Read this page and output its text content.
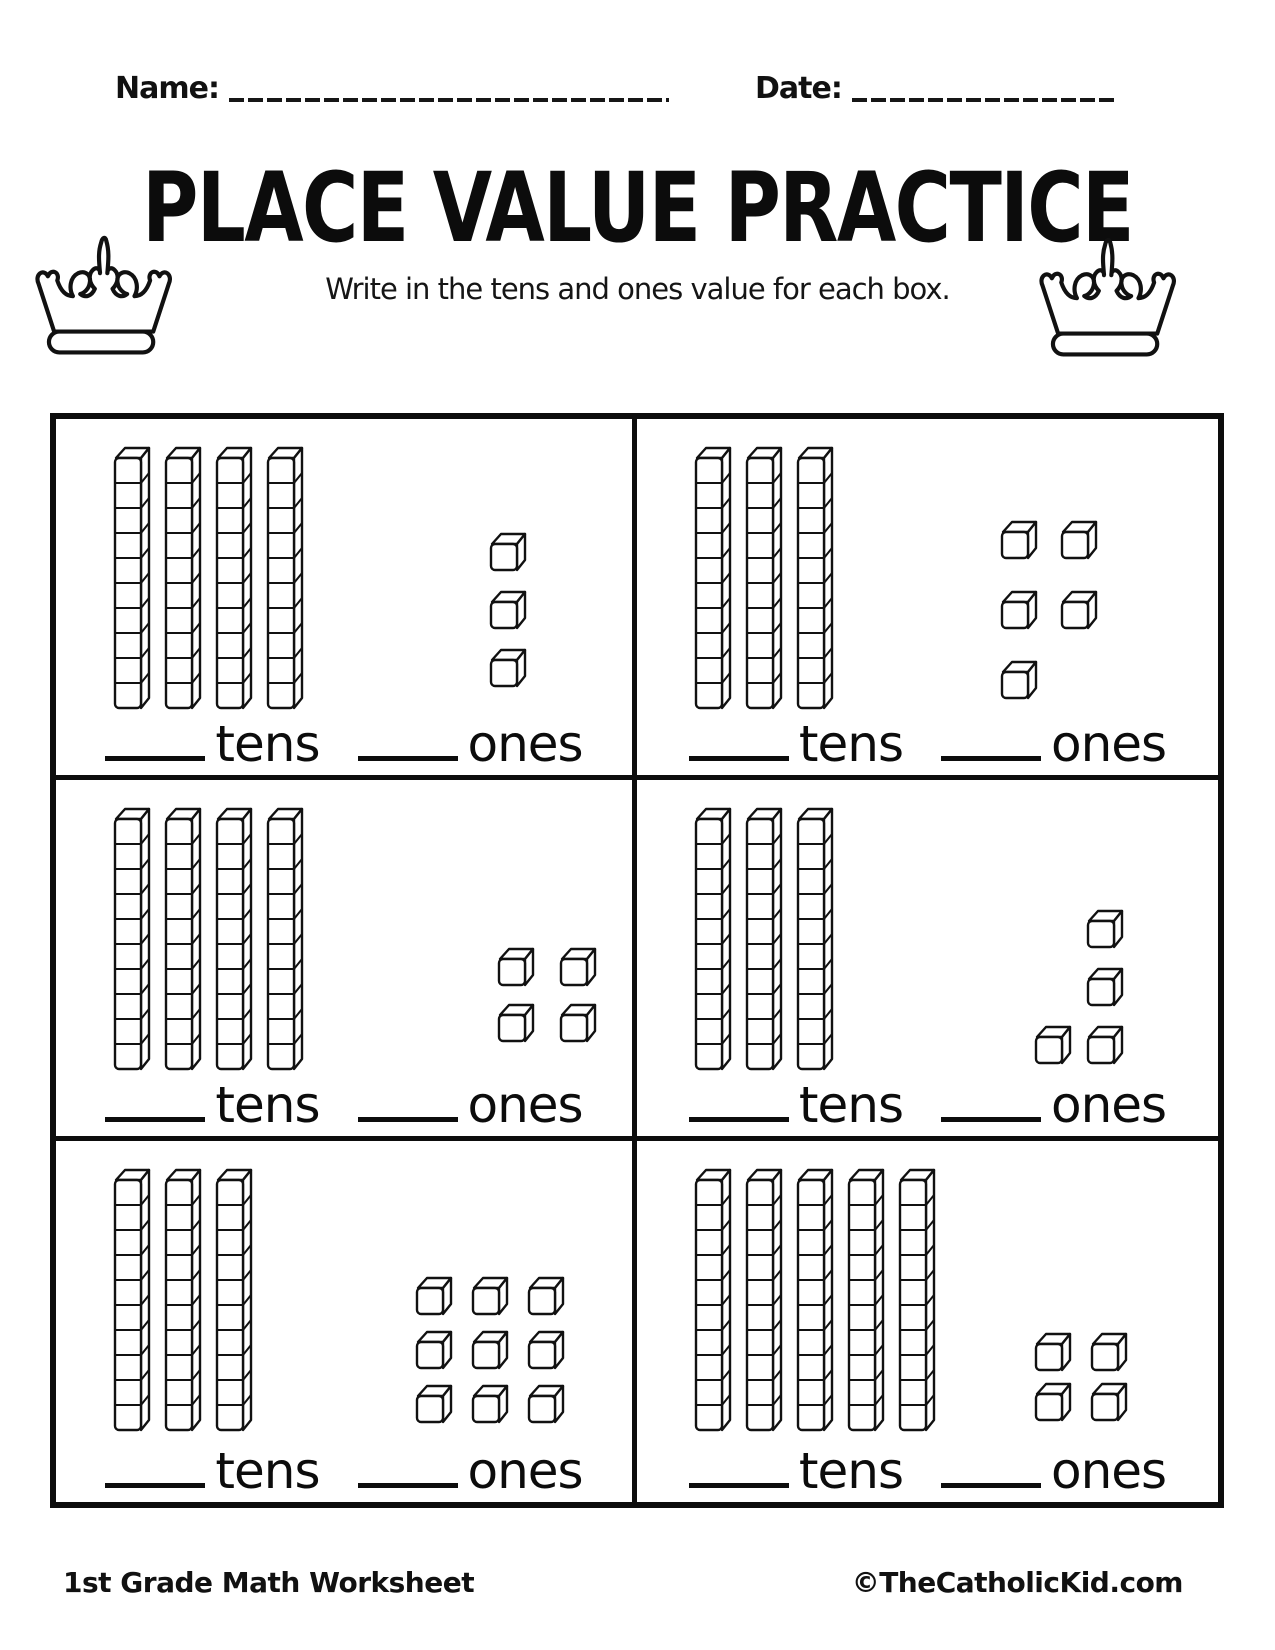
Name:	Date:
PLACE VALUE PRACTICE

Write in the tens and ones value for each box.

tens	ones	tens	ones
tens	ones	tens	ones
tens	ones	tens	ones
1st Grade Math Worksheet	©TheCatholicKid.com
